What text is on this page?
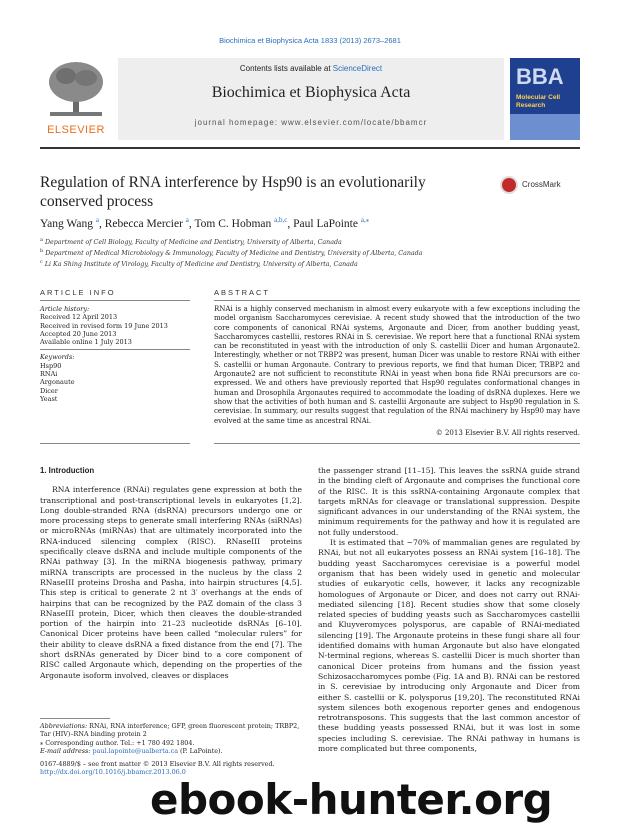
Biochimica et Biophysica Acta 1833 (2013) 2673–2681
ELSEVIER
Contents lists available at ScienceDirect
Biochimica et Biophysica Acta
journal homepage: www.elsevier.com/locate/bbamcr
BBA
Molecular Cell
Research
Regulation of RNA interference by Hsp90 is an evolutionarily conserved process
CrossMark
Yang Wang $^a$, Rebecca Mercier $^a$, Tom C. Hobman $^{a,b,c}$, Paul LaPointe $^{a,⁎}$
$^a$ Department of Cell Biology, Faculty of Medicine and Dentistry, University of Alberta, Canada
$^b$ Department of Medical Microbiology & Immunology, Faculty of Medicine and Dentistry, University of Alberta, Canada
$^c$ Li Ka Shing Institute of Virology, Faculty of Medicine and Dentistry, University of Alberta, Canada
ARTICLE INFO	ABSTRACT
Article history:
Received 12 April 2013
Received in revised form 19 June 2013
Accepted 20 June 2013
Available online 1 July 2013
Keywords:
Hsp90
RNAi
Argonaute
Dicer
Yeast
RNAi is a highly conserved mechanism in almost every eukaryote with a few exceptions including the model organism Saccharomyces cerevisiae. A recent study showed that the introduction of the two core components of canonical RNAi systems, Argonaute and Dicer, from another budding yeast, Saccharomyces castellii, restores RNAi in S. cerevisiae. We report here that a functional RNAi system can be reconstituted in yeast with the introduction of only S. castellii Dicer and human Argonaute2. Interestingly, whether or not TRBP2 was present, human Dicer was unable to restore RNAi with either S. castellii or human Argonaute. Contrary to previous reports, we find that human Dicer, TRBP2 and Argonaute2 are not sufficient to reconstitute RNAi in yeast when bona fide RNAi precursors are co-expressed. We and others have previously reported that Hsp90 regulates conformational changes in human and Drosophila Argonautes required to accommodate the loading of dsRNA duplexes. Here we show that the activities of both human and S. castellii Argonaute are subject to Hsp90 regulation in S. cerevisiae. In summary, our results suggest that regulation of the RNAi machinery by Hsp90 may have evolved at the same time as ancestral RNAi.
© 2013 Elsevier B.V. All rights reserved.
1. Introduction

RNA interference (RNAi) regulates gene expression at both the transcriptional and post-transcriptional levels in eukaryotes [1,2]. Long double-stranded RNA (dsRNA) precursors undergo one or more processing steps to generate small interfering RNAs (siRNAs) or microRNAs (miRNAs) that are ultimately incorporated into the RNA-induced silencing complex (RISC). RNaseIII proteins specifically cleave dsRNA and include multiple components of the RNAi pathway [3]. In the miRNA biogenesis pathway, primary miRNA transcripts are processed in the nucleus by the class 2 RNaseIII proteins Drosha and Pasha, into hairpin structures [4,5]. This step is critical to generate 2 nt 3′ overhangs at the ends of hairpins that can be recognized by the PAZ domain of the class 3 RNaseIII protein, Dicer, which then cleaves the double-stranded portion of the hairpin into 21–23 nucleotide dsRNAs [6–10]. Canonical Dicer proteins have been called “molecular rulers” for their ability to cleave dsRNA a fixed distance from the end [7]. The short dsRNAs generated by Dicer bind to a core component of RISC called Argonaute which, depending on the properties of the Argonaute isoform involved, cleaves or displaces

the passenger strand [11–15]. This leaves the ssRNA guide strand in the binding cleft of Argonaute and comprises the functional core of the RISC. It is this ssRNA-containing Argonaute complex that targets mRNAs for cleavage or translational suppression. Despite significant advances in our understanding of the RNAi system, the minimum requirements for the pathway and how it is regulated are not fully understood.

It is estimated that ~70% of mammalian genes are regulated by RNAi, but not all eukaryotes possess an RNAi system [16–18]. The budding yeast Saccharomyces cerevisiae is a powerful model organism that has been widely used in genetic and molecular studies of eukaryotic cells, however, it lacks any recognizable homologues of Argonaute or Dicer, and does not carry out RNAi-mediated silencing [18]. Recent studies show that some closely related species of budding yeasts such as Saccharomyces castellii and Kluyveromyces polysporus, are capable of RNAi-mediated silencing [19]. The Argonaute proteins in these fungi share all four identified domains with human Argonaute but also have elongated N-terminal regions, whereas S. castellii Dicer is much shorter than canonical Dicer proteins from humans and the fission yeast Schizosaccharomyces pombe (Fig. 1A and B). RNAi can be restored in S. cerevisiae by introducing only Argonaute and Dicer from either S. castellii or K. polysporus [19,20]. The reconstituted RNAi system silences both exogenous reporter genes and endogenous retrotransposons. This suggests that the last common ancestor of these budding yeasts possessed RNAi, but it was lost in some species including S. cerevisiae. The RNAi pathway in humans is more complicated but three components,

Abbreviations: RNAi, RNA interference; GFP, green fluorescent protein; TRBP2, Tar (HIV)–RNA binding protein 2
⁎ Corresponding author. Tel.: +1 780 492 1804.
E-mail address: paul.lapointe@ualberta.ca (P. LaPointe).
0167-4889/$ – see front matter © 2013 Elsevier B.V. All rights reserved.
http://dx.doi.org/10.1016/j.bbamcr.2013.06.0
ebook-hunter.org
